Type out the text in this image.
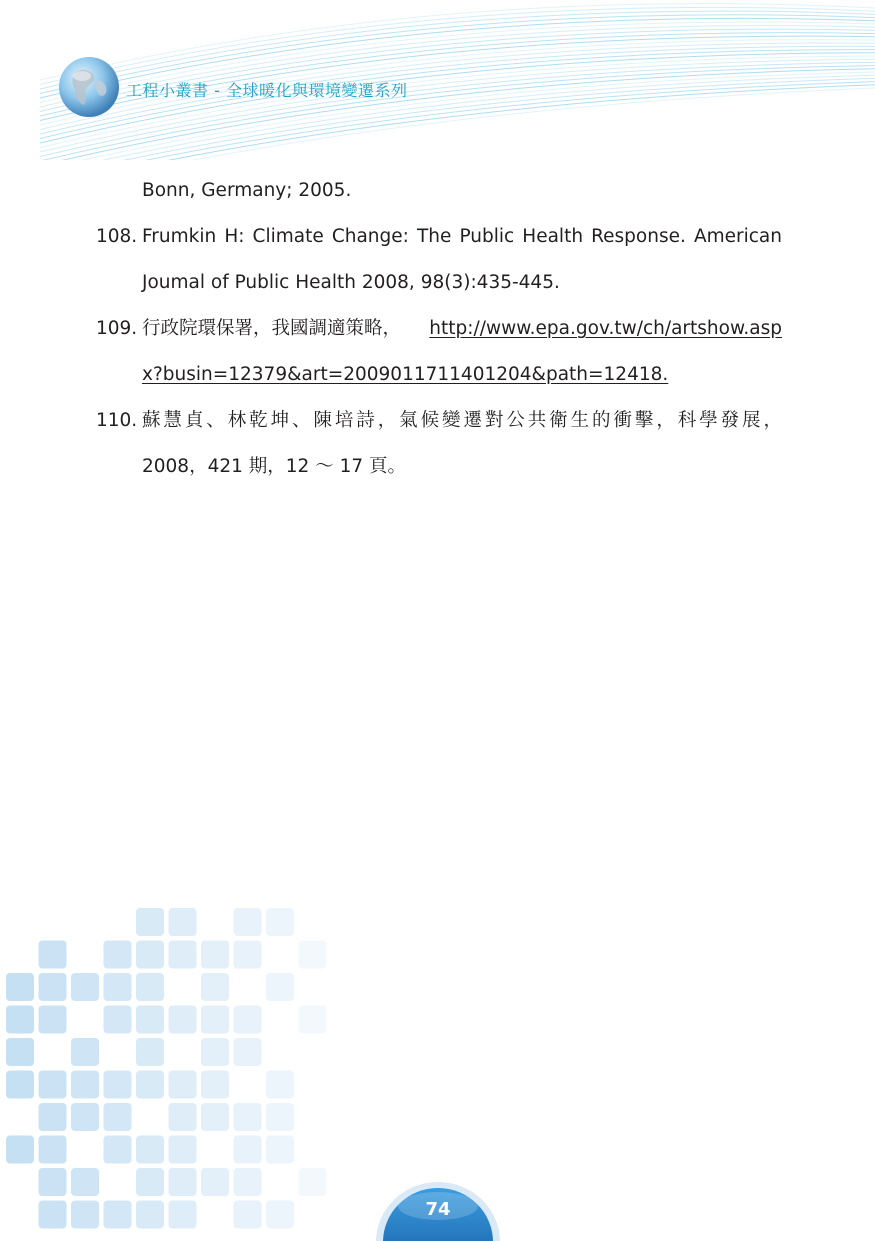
工程小叢書 - 全球暖化與環境變遷系列
Bonn, Germany; 2005.
108. Frumkin H: Climate Change: The Public Health Response. American
Joumal of Public Health 2008, 98(3):435-445.
109. 行政院環保署，我國調適策略， http://www.epa.gov.tw/ch/artshow.asp
x?busin=12379&art=2009011711401204&path=12418.
110. 蘇慧貞、林乾坤、陳培詩，氣候變遷對公共衛生的衝擊，科學發展，
2008，421 期，12 ～ 17 頁。
74
